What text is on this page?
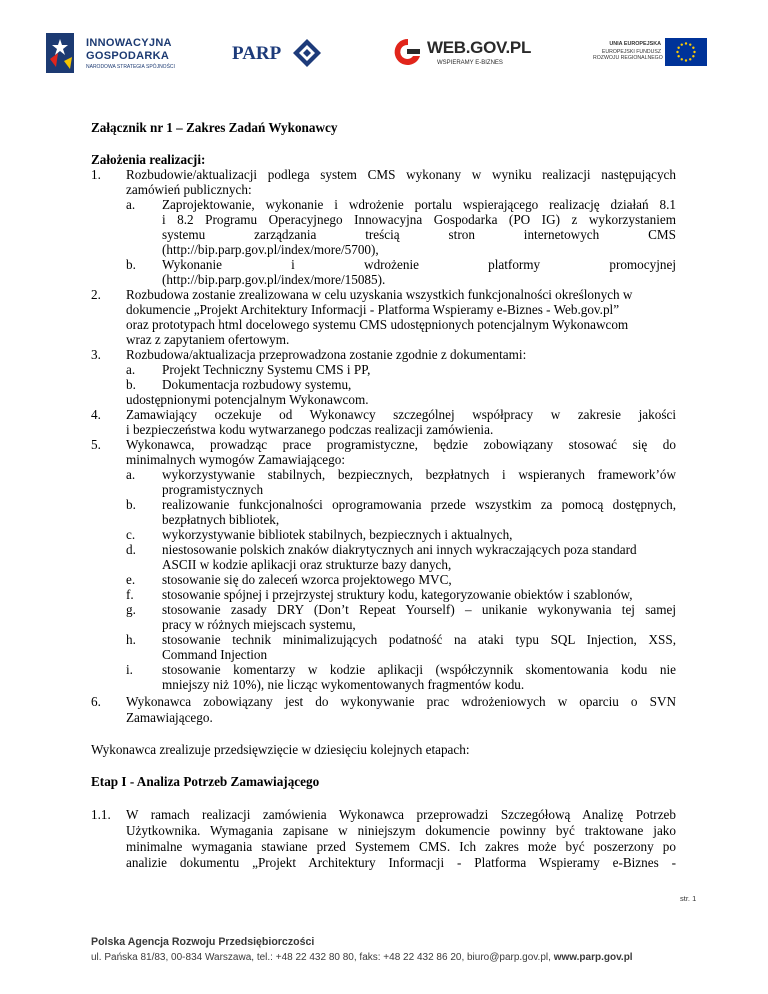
INNOWACYJNA
GOSPODARKA
NARODOWA STRATEGIA SPÓJNOŚCI
PARP	WEB.GOV.PL
WSPIERAMY E-BIZNES
UNIA EUROPEJSKA
EUROPEJSKI FUNDUSZ
ROZWOJU REGIONALNEGO
Załącznik nr 1 – Zakres Zadań Wykonawcy
Założenia realizacji:
1. Rozbudowie/aktualizacji podlega system CMS wykonany w wyniku realizacji następujących
zamówień publicznych:
a. Zaprojektowanie, wykonanie i wdrożenie portalu wspierającego realizację działań 8.1
i 8.2 Programu Operacyjnego Innowacyjna Gospodarka (PO IG) z wykorzystaniem
systemu zarządzania treścią stron internetowych CMS
(http://bip.parp.gov.pl/index/more/5700),
b. Wykonanie i wdrożenie platformy promocyjnej
(http://bip.parp.gov.pl/index/more/15085).
2. Rozbudowa zostanie zrealizowana w celu uzyskania wszystkich funkcjonalności określonych w
dokumencie „Projekt Architektury Informacji - Platforma Wspieramy e-Biznes - Web.gov.pl”
oraz prototypach html docelowego systemu CMS udostępnionych potencjalnym Wykonawcom
wraz z zapytaniem ofertowym.
3. Rozbudowa/aktualizacja przeprowadzona zostanie zgodnie z dokumentami:
a. Projekt Techniczny Systemu CMS i PP,
b. Dokumentacja rozbudowy systemu,
udostępnionymi potencjalnym Wykonawcom.
4. Zamawiający oczekuje od Wykonawcy szczególnej współpracy w zakresie jakości
i bezpieczeństwa kodu wytwarzanego podczas realizacji zamówienia.
5. Wykonawca, prowadząc prace programistyczne, będzie zobowiązany stosować się do
minimalnych wymogów Zamawiającego:
a. wykorzystywanie stabilnych, bezpiecznych, bezpłatnych i wspieranych framework’ów
programistycznych
b. realizowanie funkcjonalności oprogramowania przede wszystkim za pomocą dostępnych,
bezpłatnych bibliotek,
c. wykorzystywanie bibliotek stabilnych, bezpiecznych i aktualnych,
d. niestosowanie polskich znaków diakrytycznych ani innych wykraczających poza standard
ASCII w kodzie aplikacji oraz strukturze bazy danych,
e. stosowanie się do zaleceń wzorca projektowego MVC,
f. stosowanie spójnej i przejrzystej struktury kodu, kategoryzowanie obiektów i szablonów,
g. stosowanie zasady DRY (Don’t Repeat Yourself) – unikanie wykonywania tej samej
pracy w różnych miejscach systemu,
h. stosowanie technik minimalizujących podatność na ataki typu SQL Injection, XSS,
Command Injection
i. stosowanie komentarzy w kodzie aplikacji (współczynnik skomentowania kodu nie
mniejszy niż 10%), nie licząc wykomentowanych fragmentów kodu.
6. Wykonawca zobowiązany jest do wykonywanie prac wdrożeniowych w oparciu o SVN
Zamawiającego.
Wykonawca zrealizuje przedsięwzięcie w dziesięciu kolejnych etapach:
Etap I - Analiza Potrzeb Zamawiającego
1.1. W ramach realizacji zamówienia Wykonawca przeprowadzi Szczegółową Analizę Potrzeb
Użytkownika. Wymagania zapisane w niniejszym dokumencie powinny być traktowane jako
minimalne wymagania stawiane przed Systemem CMS. Ich zakres może być poszerzony po
analizie dokumentu „Projekt Architektury Informacji - Platforma Wspieramy e-Biznes -
str. 1
Polska Agencja Rozwoju Przedsiębiorczości
ul. Pańska 81/83, 00-834 Warszawa, tel.: +48 22 432 80 80, faks: +48 22 432 86 20, biuro@parp.gov.pl, www.parp.gov.pl
